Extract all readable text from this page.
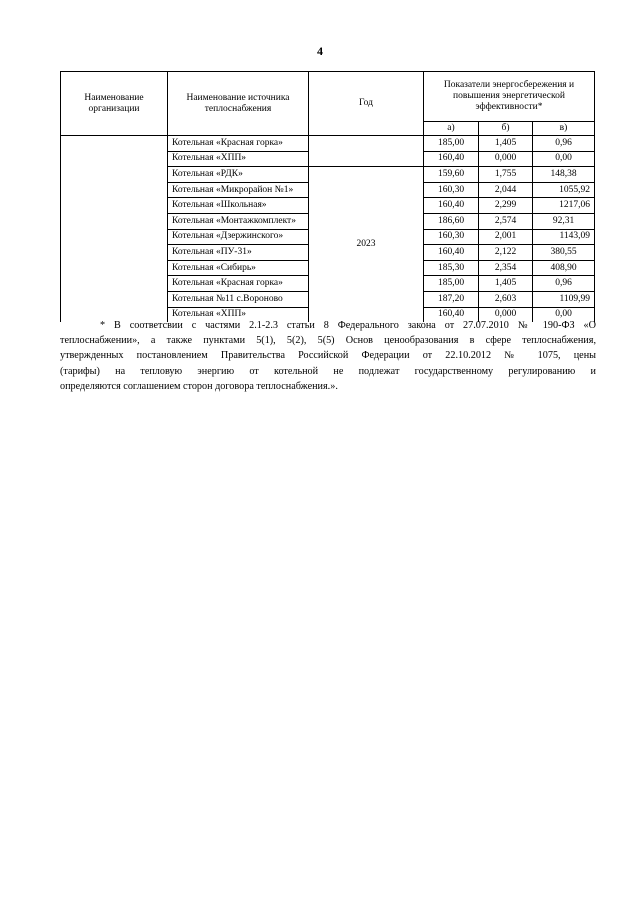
4
Наименование организации	Наименование источника теплоснабжения	Год	Показатели энергосбережения и повышения энергетической эффективности*		
			а)	б)	в)
	Котельная «Красная горка»		185,00	1,405	0,96
	Котельная «ХПП»		160,40	0,000	0,00
	Котельная «РДК»	2023	159,60	1,755	148,38
	Котельная «Микрорайон №1»		160,30	2,044	1055,92
	Котельная «Школьная»		160,40	2,299	1217,06
	Котельная «Монтажкомплект»		186,60	2,574	92,31
	Котельная «Дзержинского»		160,30	2,001	1143,09
	Котельная «ПУ-31»		160,40	2,122	380,55
	Котельная «Сибирь»		185,30	2,354	408,90
	Котельная «Красная горка»		185,00	1,405	0,96
	Котельная №11 с.Вороново		187,20	2,603	1109,99
	Котельная «ХПП»		160,40	0,000	0,00

* В соответсвии с частями 2.1-2.3 статьи 8 Федерального закона от 27.07.2010 № 190-ФЗ «О

теплоснабжении», а также пунктами 5(1), 5(2), 5(5) Основ ценообразования в сфере теплоснабжения,

утвержденных постановлением Правительства Российской Федерации от 22.10.2012 № 1075, цены

(тарифы) на тепловую энергию от котельной не подлежат государственному регулированию и

определяются соглашением сторон договора теплоснабжения.».
